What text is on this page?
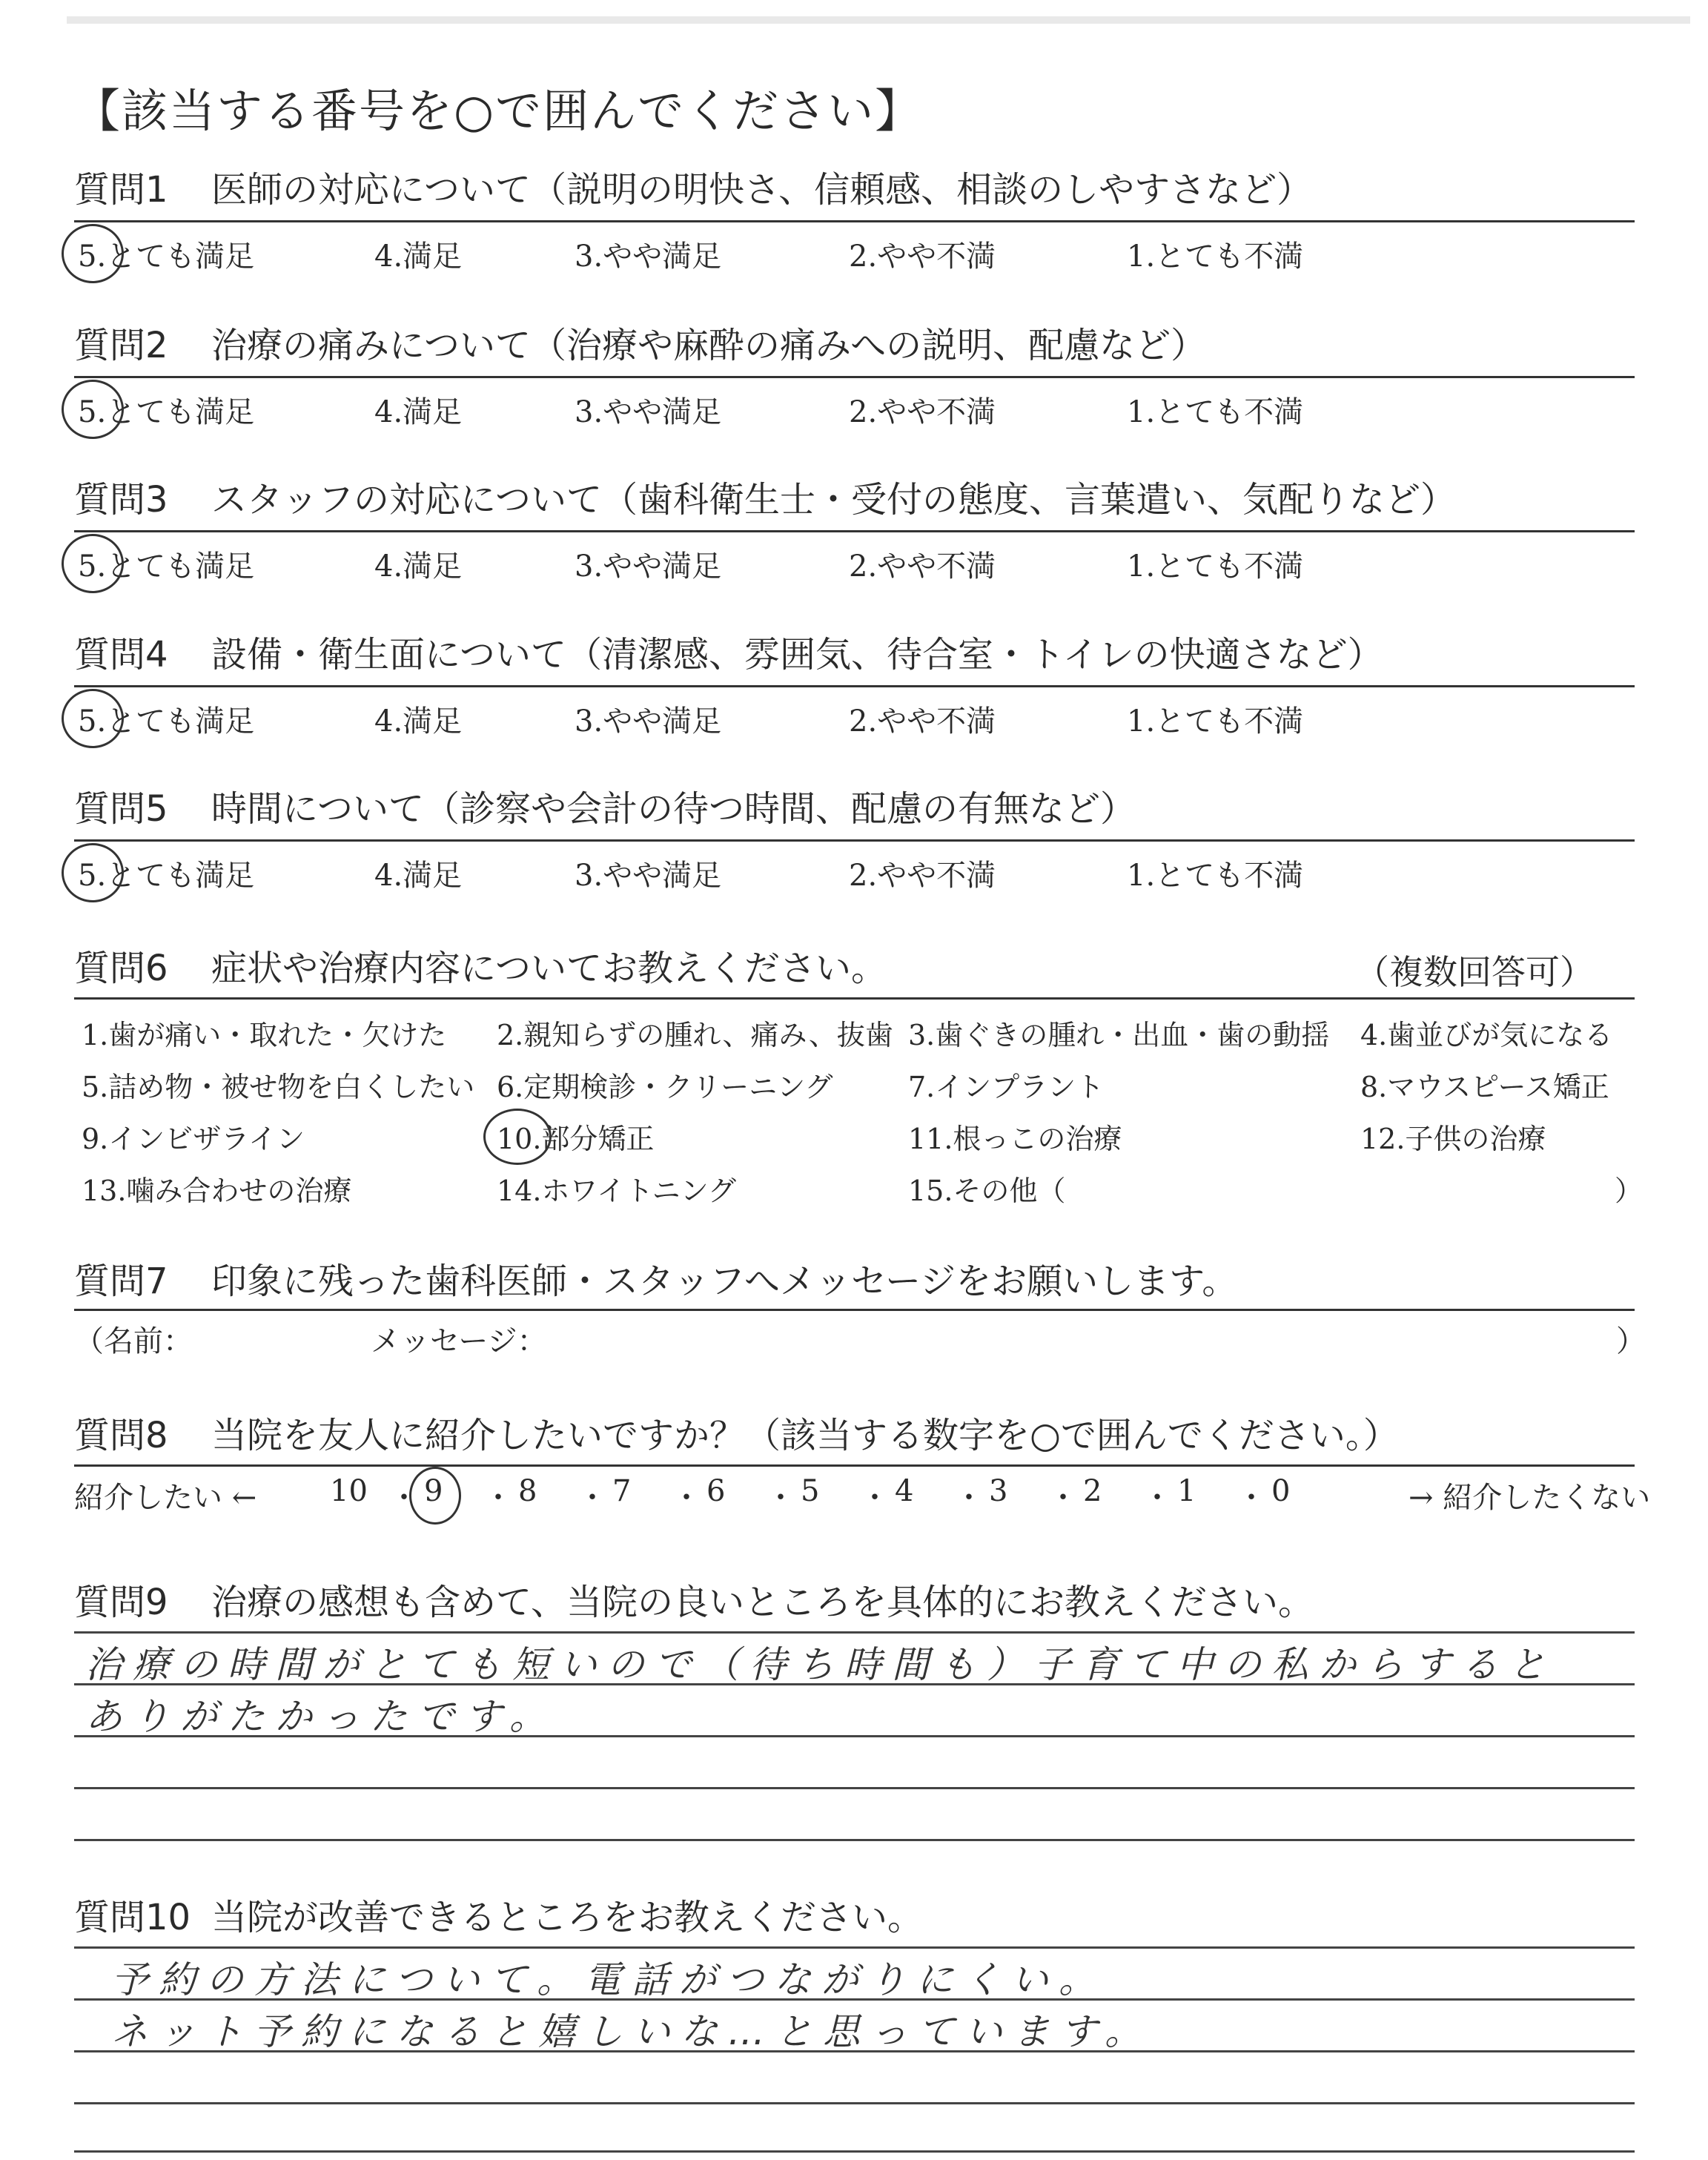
【該当する番号を○で囲んでください】
質問1 医師の対応について（説明の明快さ、信頼感、相談のしやすさなど）
5.とても満足	4.満足	3.やや満足	2.やや不満	1.とても不満
質問2 治療の痛みについて（治療や麻酔の痛みへの説明、配慮など）
5.とても満足	4.満足	3.やや満足	2.やや不満	1.とても不満
質問3 スタッフの対応について（歯科衛生士・受付の態度、言葉遣い、気配りなど）
5.とても満足	4.満足	3.やや満足	2.やや不満	1.とても不満
質問4 設備・衛生面について（清潔感、雰囲気、待合室・トイレの快適さなど）
5.とても満足	4.満足	3.やや満足	2.やや不満	1.とても不満
質問5 時間について（診察や会計の待つ時間、配慮の有無など）
5.とても満足	4.満足	3.やや満足	2.やや不満	1.とても不満
質問6 症状や治療内容についてお教えください。	（複数回答可）
1.歯が痛い・取れた・欠けた 2.親知らずの腫れ、痛み、抜歯 3.歯ぐきの腫れ・出血・歯の動揺 4.歯並びが気になる
5.詰め物・被せ物を白くしたい 6.定期検診・クリーニング	7.インプラント	8.マウスピース矯正
9.インビザライン	10.部分矯正	11.根っこの治療	12.子供の治療
13.噛み合わせの治療	14.ホワイトニング	15.その他（	）
質問7 印象に残った歯科医師・スタッフへメッセージをお願いします。
（名前：	メッセージ：	）
質問8 当院を友人に紹介したいですか？（該当する数字を○で囲んでください。）
紹介したい ← 10 ・ 9 ・ 8 ・ 7 ・ 6 ・ 5 ・ 4 ・ 3 ・ 2 ・ 1 ・ 0	→ 紹介したくない
質問9 治療の感想も含めて、当院の良いところを具体的にお教えください。
治療の時間がとても短いので（待ち時間も）子育て中の私からすると
ありがたかったです。
質問10 当院が改善できるところをお教えください。
予約の方法について。電話がつながりにくい。
ネット予約になると嬉しいな…と思っています。
